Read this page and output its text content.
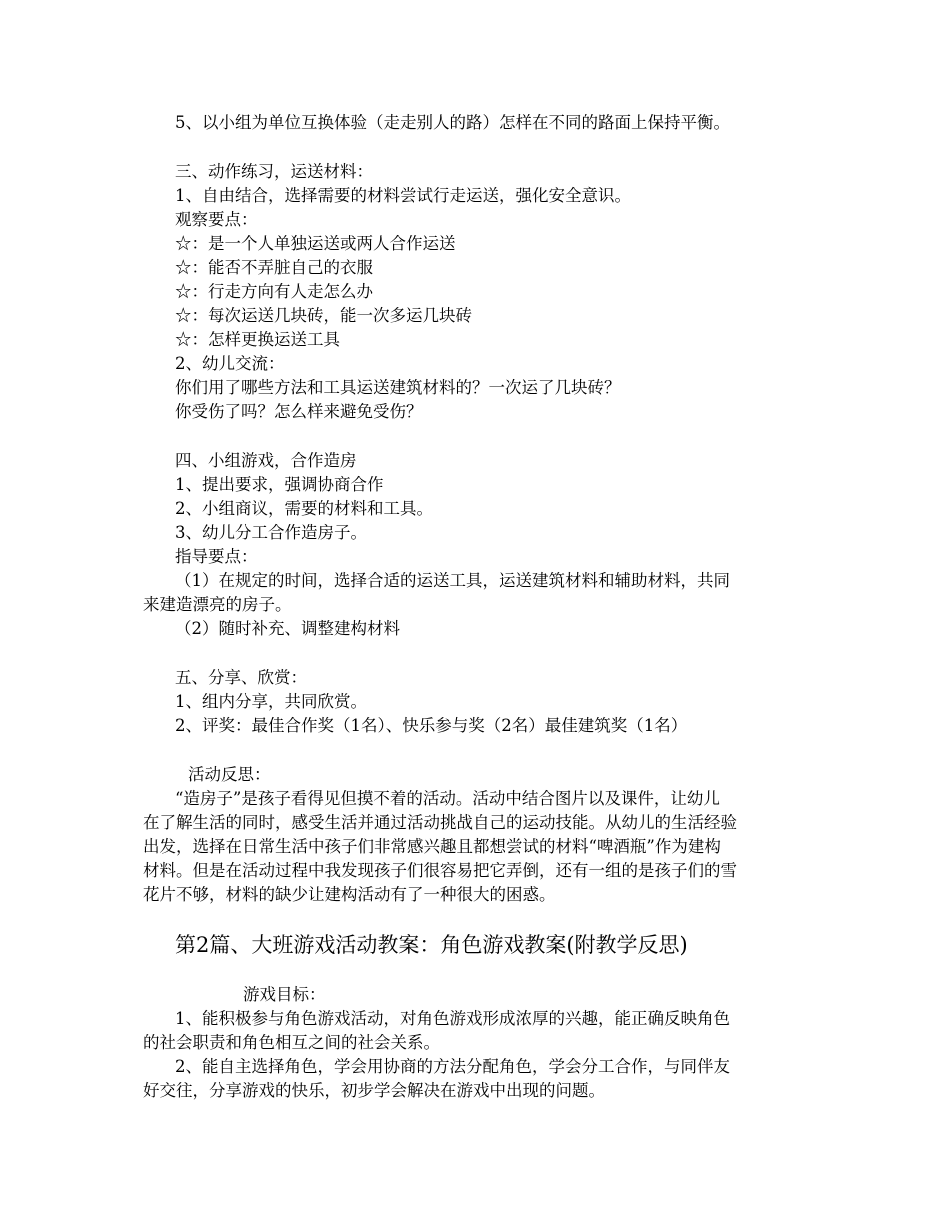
5、以小组为单位互换体验（走走别人的路）怎样在不同的路面上保持平衡。
三、动作练习，运送材料：
1、自由结合，选择需要的材料尝试行走运送，强化安全意识。
观察要点：
☆：是一个人单独运送或两人合作运送
☆：能否不弄脏自己的衣服
☆：行走方向有人走怎么办
☆：每次运送几块砖，能一次多运几块砖
☆：怎样更换运送工具
2、幼儿交流：
你们用了哪些方法和工具运送建筑材料的？一次运了几块砖？
你受伤了吗？怎么样来避免受伤？
四、小组游戏，合作造房
1、提出要求，强调协商合作
2、小组商议，需要的材料和工具。
3、幼儿分工合作造房子。
指导要点：
（1）在规定的时间，选择合适的运送工具，运送建筑材料和辅助材料，共同
来建造漂亮的房子。
（2）随时补充、调整建构材料
五、分享、欣赏：
1、组内分享，共同欣赏。
2、评奖：最佳合作奖（1名）、快乐参与奖（2名）最佳建筑奖（1名）
活动反思：
“造房子”是孩子看得见但摸不着的活动。活动中结合图片以及课件，让幼儿
在了解生活的同时，感受生活并通过活动挑战自己的运动技能。从幼儿的生活经验
出发，选择在日常生活中孩子们非常感兴趣且都想尝试的材料“啤酒瓶”作为建构
材料。但是在活动过程中我发现孩子们很容易把它弄倒，还有一组的是孩子们的雪
花片不够，材料的缺少让建构活动有了一种很大的困惑。
第2篇、大班游戏活动教案：角色游戏教案(附教学反思)
游戏目标：
1、能积极参与角色游戏活动，对角色游戏形成浓厚的兴趣，能正确反映角色
的社会职责和角色相互之间的社会关系。
2、能自主选择角色，学会用协商的方法分配角色，学会分工合作，与同伴友
好交往，分享游戏的快乐，初步学会解决在游戏中出现的问题。
